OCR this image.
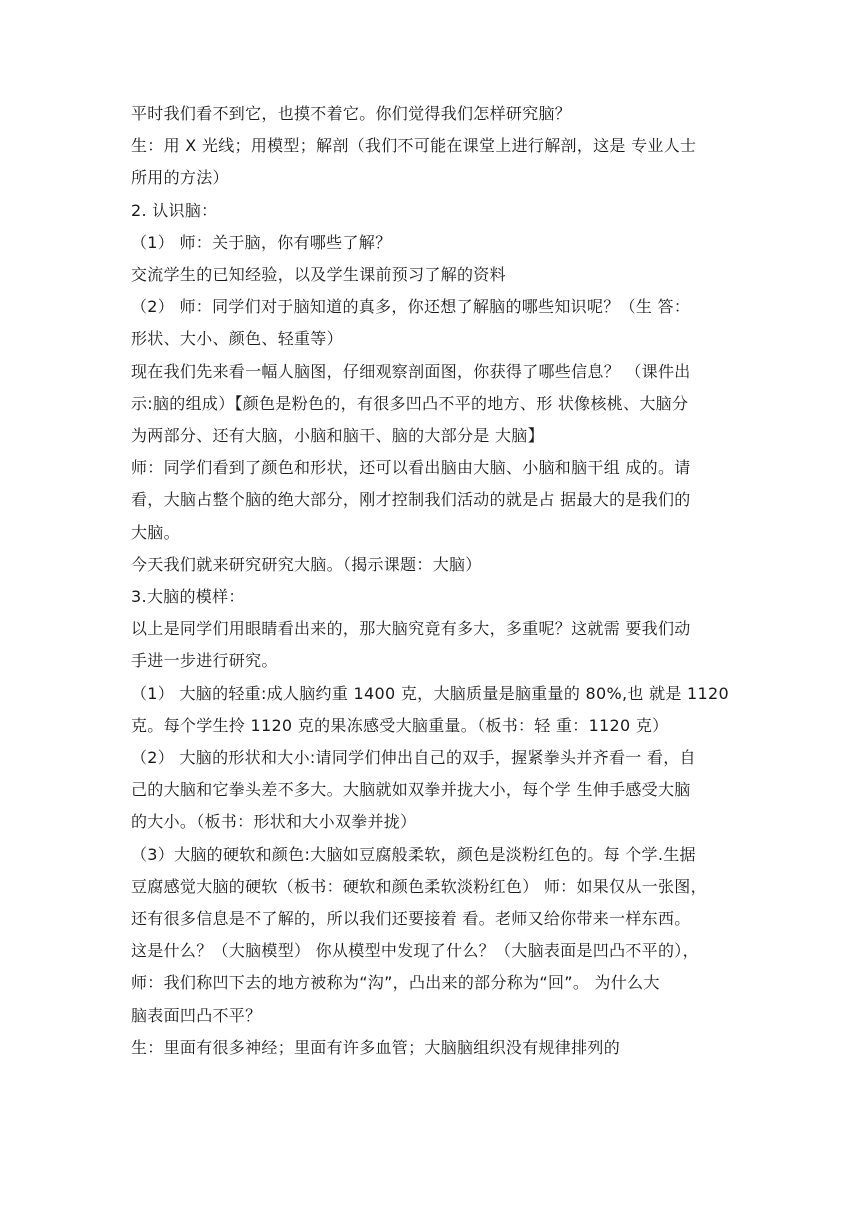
平时我们看不到它，也摸不着它。你们觉得我们怎样研究脑？

生：用 X 光线；用模型；解剖（我们不可能在课堂上进行解剖，这是 专业人士

所用的方法）

2. 认识脑：

（1） 师：关于脑，你有哪些了解？

交流学生的已知经验，以及学生课前预习了解的资料

（2） 师：同学们对于脑知道的真多，你还想了解脑的哪些知识呢？（生 答：

形状、大小、颜色、轻重等）

现在我们先来看一幅人脑图，仔细观察剖面图，你获得了哪些信息？ （课件出

示:脑的组成）【颜色是粉色的，有很多凹凸不平的地方、形 状像核桃、大脑分

为两部分、还有大脑，小脑和脑干、脑的大部分是 大脑】

师：同学们看到了颜色和形状，还可以看出脑由大脑、小脑和脑干组 成的。请

看，大脑占整个脑的绝大部分，刚才控制我们活动的就是占 据最大的是我们的

大脑。

今天我们就来研究研究大脑。（揭示课题：大脑）

3.大脑的模样：

以上是同学们用眼睛看出来的，那大脑究竟有多大，多重呢？这就需 要我们动

手进一步进行研究。

（1） 大脑的轻重:成人脑约重 1400 克，大脑质量是脑重量的 80%,也 就是 1120

克。每个学生拎 1120 克的果冻感受大脑重量。（板书：轻 重：1120 克）

（2） 大脑的形状和大小:请同学们伸出自己的双手，握紧拳头并齐看一 看，自

己的大脑和它拳头差不多大。大脑就如双拳并拢大小，每个学 生伸手感受大脑

的大小。（板书：形状和大小双拳并拢）

（3）大脑的硬软和颜色:大脑如豆腐般柔软，颜色是淡粉红色的。每 个学.生据

豆腐感觉大脑的硬软（板书：硬软和颜色柔软淡粉红色） 师：如果仅从一张图，

还有很多信息是不了解的，所以我们还要接着 看。老师又给你带来一样东西。

这是什么？（大脑模型） 你从模型中发现了什么？（大脑表面是凹凸不平的），

师：我们称凹下去的地方被称为“沟”，凸出来的部分称为“回”。 为什么大

脑表面凹凸不平？

生：里面有很多神经；里面有许多血管；大脑脑组织没有规律排列的
